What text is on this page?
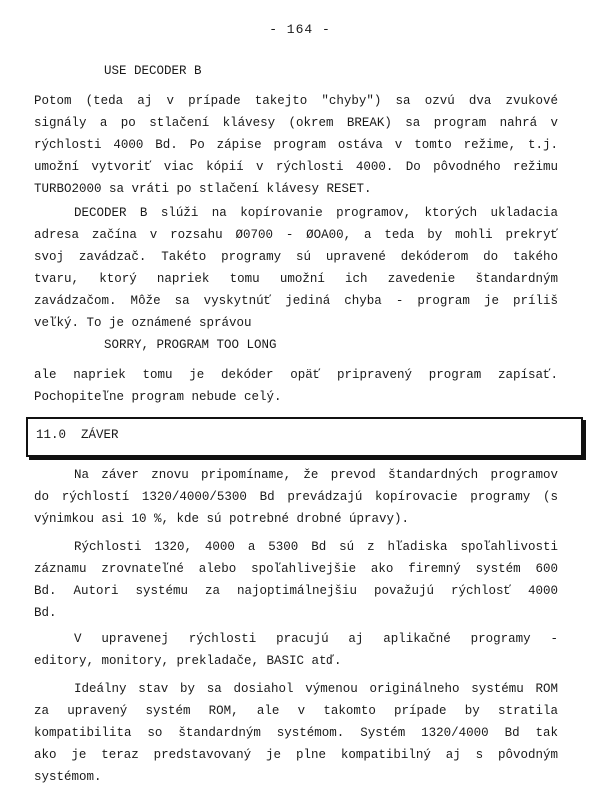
- 164 -
USE DECODER B
Potom (teda aj v prípade takejto "chyby") sa ozvú dva zvukové
signály a po stlačení klávesy (okrem BREAK) sa program nahrá v
rýchlosti 4000 Bd. Po zápise program ostáva v tomto režime, t.j.
umožní vytvoriť viac kópií v rýchlosti 4000. Do pôvodného režimu
TURBO2000 sa vráti po stlačení klávesy RESET.
DECODER B slúži na kopírovanie programov, ktorých ukladacia
adresa začína v rozsahu Ø0700 - ØOA00, a teda by mohli prekryť
svoj zavádzač. Takéto programy sú upravené dekóderom do takého
tvaru, ktorý napriek tomu umožní ich zavedenie štandardným
zavádzačom. Môže sa vyskytnúť jediná chyba - program je príliš
veľký. To je oznámené správou
SORRY, PROGRAM TOO LONG
ale napriek tomu je dekóder opäť pripravený program zapísať.
Pochopiteľne program nebude celý.
11.0 ZÁVER
Na záver znovu pripomíname, že prevod štandardných programov
do rýchlostí 1320/4000/5300 Bd prevádzajú kopírovacie programy (s
výnimkou asi 10 %, kde sú potrebné drobné úpravy).
Rýchlosti 1320, 4000 a 5300 Bd sú z hľadiska spoľahlivosti
záznamu zrovnateľné alebo spoľahlivejšie ako firemný systém 600
Bd. Autori systému za najoptimálnejšiu považujú rýchlosť 4000
Bd.
V upravenej rýchlosti pracujú aj aplikačné programy -
editory, monitory, prekladače, BASIC atď.
Ideálny stav by sa dosiahol výmenou originálneho systému ROM
za upravený systém ROM, ale v takomto prípade by stratila
kompatibilita so štandardným systémom. Systém 1320/4000 Bd tak
ako je teraz predstavovaný je plne kompatibilný aj s pôvodným
systémom.
